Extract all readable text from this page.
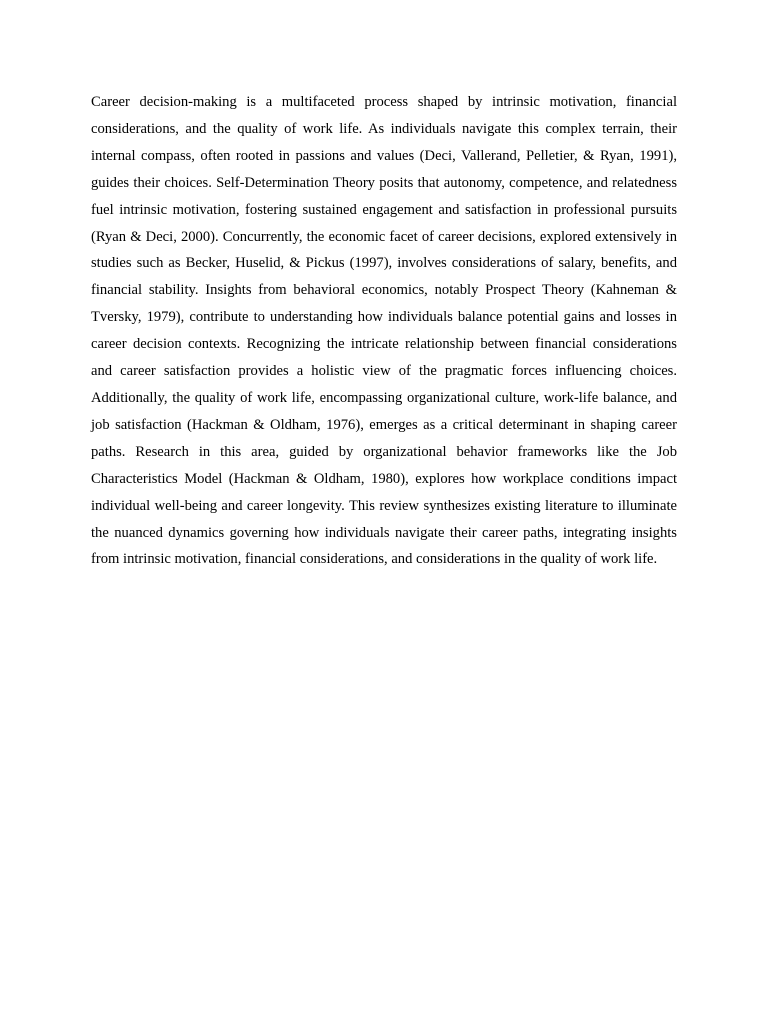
Career decision-making is a multifaceted process shaped by intrinsic motivation, financial considerations, and the quality of work life. As individuals navigate this complex terrain, their internal compass, often rooted in passions and values (Deci, Vallerand, Pelletier, & Ryan, 1991), guides their choices. Self-Determination Theory posits that autonomy, competence, and relatedness fuel intrinsic motivation, fostering sustained engagement and satisfaction in professional pursuits (Ryan & Deci, 2000). Concurrently, the economic facet of career decisions, explored extensively in studies such as Becker, Huselid, & Pickus (1997), involves considerations of salary, benefits, and financial stability. Insights from behavioral economics, notably Prospect Theory (Kahneman & Tversky, 1979), contribute to understanding how individuals balance potential gains and losses in career decision contexts. Recognizing the intricate relationship between financial considerations and career satisfaction provides a holistic view of the pragmatic forces influencing choices. Additionally, the quality of work life, encompassing organizational culture, work-life balance, and job satisfaction (Hackman & Oldham, 1976), emerges as a critical determinant in shaping career paths. Research in this area, guided by organizational behavior frameworks like the Job Characteristics Model (Hackman & Oldham, 1980), explores how workplace conditions impact individual well-being and career longevity. This review synthesizes existing literature to illuminate the nuanced dynamics governing how individuals navigate their career paths, integrating insights from intrinsic motivation, financial considerations, and considerations in the quality of work life.
